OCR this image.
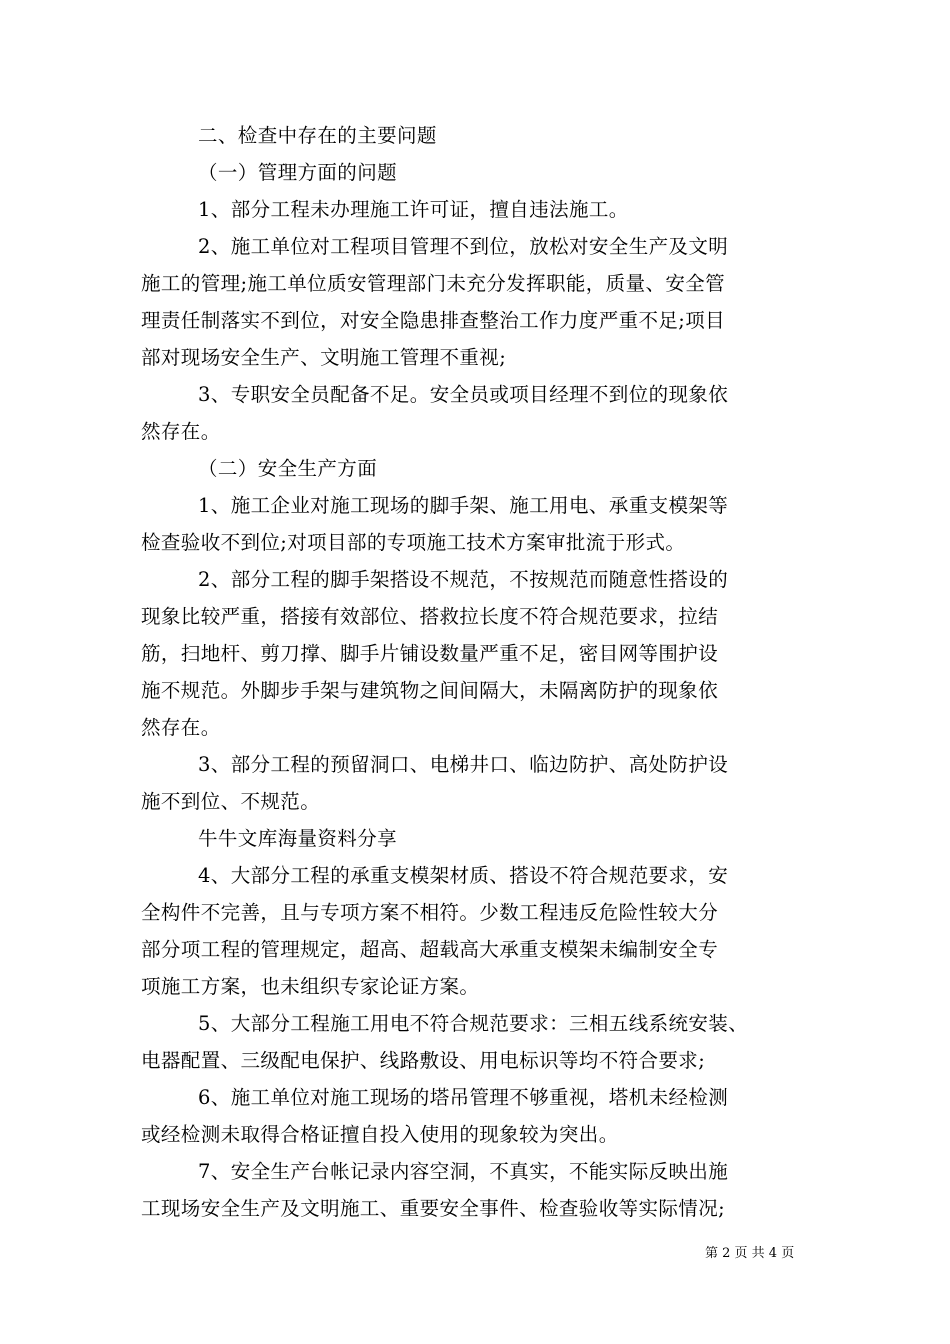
二、检查中存在的主要问题
（一）管理方面的问题
1、部分工程未办理施工许可证，擅自违法施工。
2、施工单位对工程项目管理不到位，放松对安全生产及文明
施工的管理;施工单位质安管理部门未充分发挥职能，质量、安全管
理责任制落实不到位，对安全隐患排查整治工作力度严重不足;项目
部对现场安全生产、文明施工管理不重视;
3、专职安全员配备不足。安全员或项目经理不到位的现象依
然存在。
（二）安全生产方面
1、施工企业对施工现场的脚手架、施工用电、承重支模架等
检查验收不到位;对项目部的专项施工技术方案审批流于形式。
2、部分工程的脚手架搭设不规范，不按规范而随意性搭设的
现象比较严重，搭接有效部位、搭救拉长度不符合规范要求，拉结
筋，扫地杆、剪刀撑、脚手片铺设数量严重不足，密目网等围护设
施不规范。外脚步手架与建筑物之间间隔大，未隔离防护的现象依
然存在。
3、部分工程的预留洞口、电梯井口、临边防护、高处防护设
施不到位、不规范。
牛牛文库海量资料分享
4、大部分工程的承重支模架材质、搭设不符合规范要求，安
全构件不完善，且与专项方案不相符。少数工程违反危险性较大分
部分项工程的管理规定，超高、超载高大承重支模架未编制安全专
项施工方案，也未组织专家论证方案。
5、大部分工程施工用电不符合规范要求：三相五线系统安装、
电器配置、三级配电保护、线路敷设、用电标识等均不符合要求;
6、施工单位对施工现场的塔吊管理不够重视，塔机未经检测
或经检测未取得合格证擅自投入使用的现象较为突出。
7、安全生产台帐记录内容空洞，不真实，不能实际反映出施
工现场安全生产及文明施工、重要安全事件、检查验收等实际情况;
第 2 页 共 4 页
